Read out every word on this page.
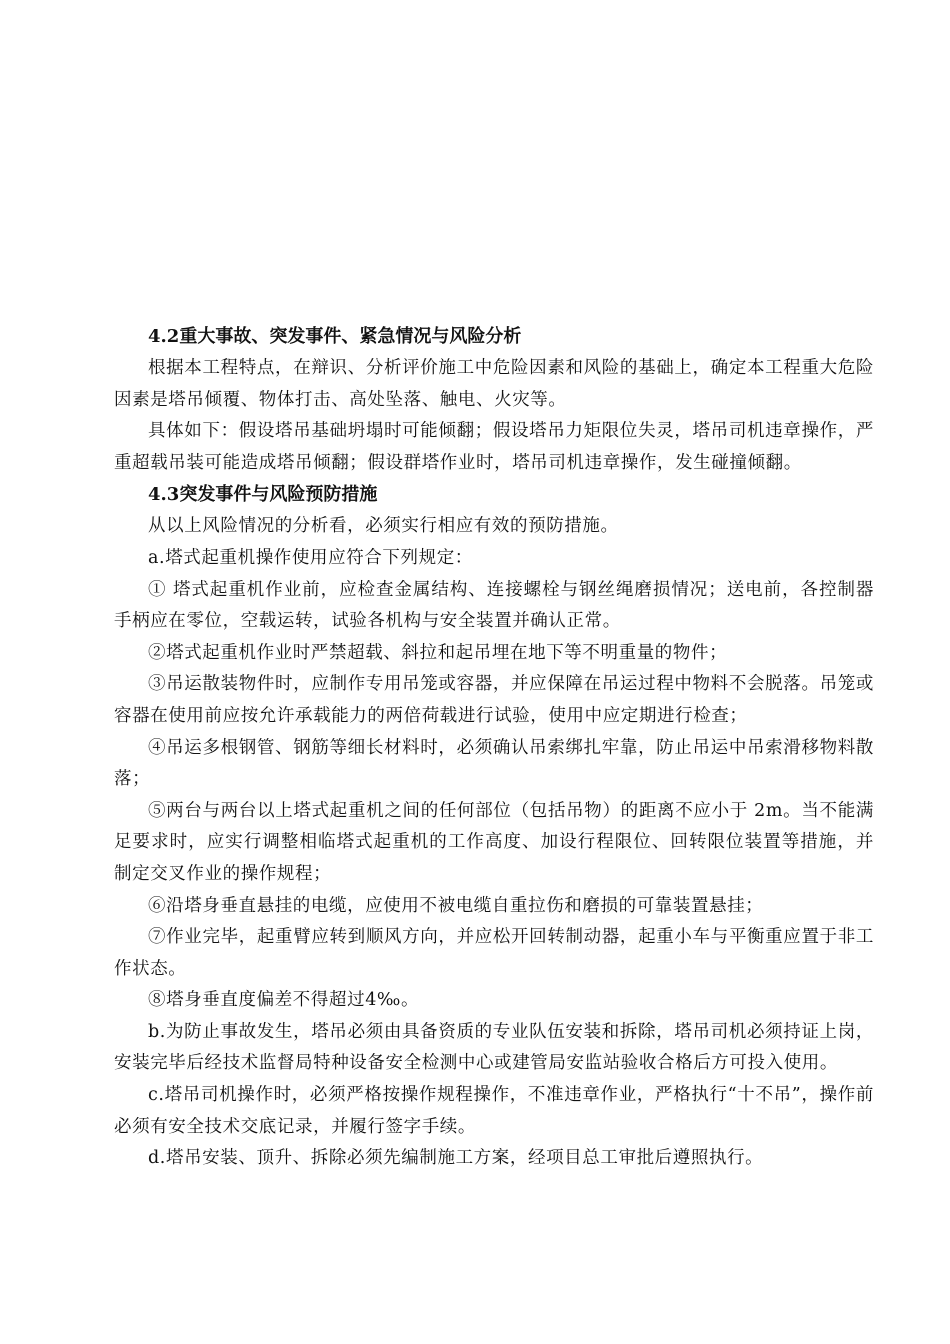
4.2重大事故、突发事件、紧急情况与风险分析

根据本工程特点，在辩识、分析评价施工中危险因素和风险的基础上，确定本工程重大危险因素是塔吊倾覆、物体打击、高处坠落、触电、火灾等。

具体如下：假设塔吊基础坍塌时可能倾翻；假设塔吊力矩限位失灵，塔吊司机违章操作，严重超载吊装可能造成塔吊倾翻；假设群塔作业时，塔吊司机违章操作，发生碰撞倾翻。

4.3突发事件与风险预防措施

从以上风险情况的分析看，必须实行相应有效的预防措施。

a.塔式起重机操作使用应符合下列规定：

① 塔式起重机作业前，应检查金属结构、连接螺栓与钢丝绳磨损情况；送电前，各控制器手柄应在零位，空载运转，试验各机构与安全装置并确认正常。

②塔式起重机作业时严禁超载、斜拉和起吊埋在地下等不明重量的物件；

③吊运散装物件时，应制作专用吊笼或容器，并应保障在吊运过程中物料不会脱落。吊笼或容器在使用前应按允许承载能力的两倍荷载进行试验，使用中应定期进行检查；

④吊运多根钢管、钢筋等细长材料时，必须确认吊索绑扎牢靠，防止吊运中吊索滑移物料散落；

⑤两台与两台以上塔式起重机之间的任何部位（包括吊物）的距离不应小于 2m。当不能满足要求时，应实行调整相临塔式起重机的工作高度、加设行程限位、回转限位装置等措施，并制定交叉作业的操作规程；

⑥沿塔身垂直悬挂的电缆，应使用不被电缆自重拉伤和磨损的可靠装置悬挂；

⑦作业完毕，起重臂应转到顺风方向，并应松开回转制动器，起重小车与平衡重应置于非工作状态。

⑧塔身垂直度偏差不得超过4‰。

b.为防止事故发生，塔吊必须由具备资质的专业队伍安装和拆除，塔吊司机必须持证上岗，安装完毕后经技术监督局特种设备安全检测中心或建管局安监站验收合格后方可投入使用。

c.塔吊司机操作时，必须严格按操作规程操作，不准违章作业，严格执行“十不吊”，操作前必须有安全技术交底记录，并履行签字手续。

d.塔吊安装、顶升、拆除必须先编制施工方案，经项目总工审批后遵照执行。
